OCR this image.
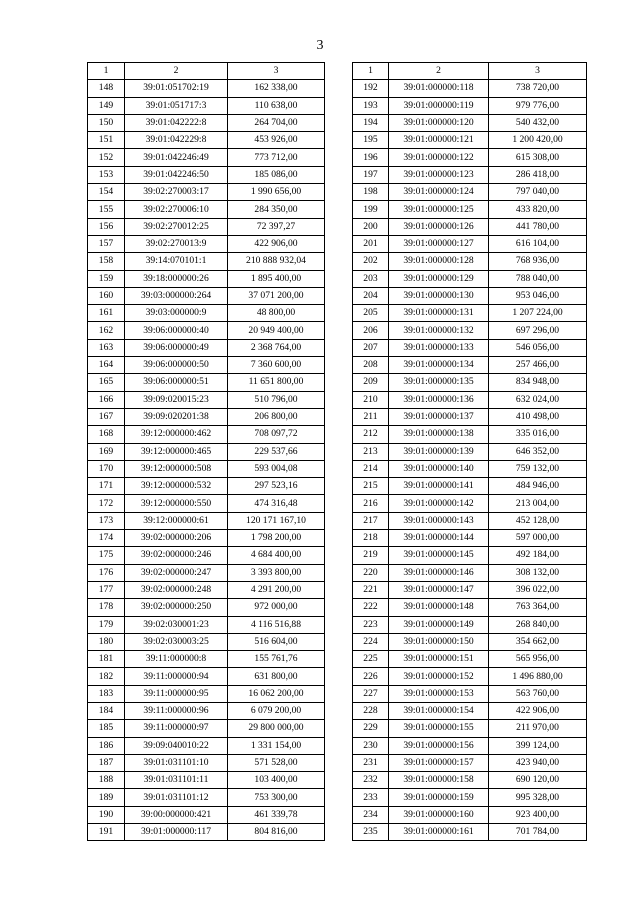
3
1	2	3
148	39:01:051702:19	162 338,00
149	39:01:051717:3	110 638,00
150	39:01:042222:8	264 704,00
151	39:01:042229:8	453 926,00
152	39:01:042246:49	773 712,00
153	39:01:042246:50	185 086,00
154	39:02:270003:17	1 990 656,00
155	39:02:270006:10	284 350,00
156	39:02:270012:25	72 397,27
157	39:02:270013:9	422 906,00
158	39:14:070101:1	210 888 932,04
159	39:18:000000:26	1 895 400,00
160	39:03:000000:264	37 071 200,00
161	39:03:000000:9	48 800,00
162	39:06:000000:40	20 949 400,00
163	39:06:000000:49	2 368 764,00
164	39:06:000000:50	7 360 600,00
165	39:06:000000:51	11 651 800,00
166	39:09:020015:23	510 796,00
167	39:09:020201:38	206 800,00
168	39:12:000000:462	708 097,72
169	39:12:000000:465	229 537,66
170	39:12:000000:508	593 004,08
171	39:12:000000:532	297 523,16
172	39:12:000000:550	474 316,48
173	39:12:000000:61	120 171 167,10
174	39:02:000000:206	1 798 200,00
175	39:02:000000:246	4 684 400,00
176	39:02:000000:247	3 393 800,00
177	39:02:000000:248	4 291 200,00
178	39:02:000000:250	972 000,00
179	39:02:030001:23	4 116 516,88
180	39:02:030003:25	516 604,00
181	39:11:000000:8	155 761,76
182	39:11:000000:94	631 800,00
183	39:11:000000:95	16 062 200,00
184	39:11:000000:96	6 079 200,00
185	39:11:000000:97	29 800 000,00
186	39:09:040010:22	1 331 154,00
187	39:01:031101:10	571 528,00
188	39:01:031101:11	103 400,00
189	39:01:031101:12	753 300,00
190	39:00:000000:421	461 339,78
191	39:01:000000:117	804 816,00
1	2	3
192	39:01:000000:118	738 720,00
193	39:01:000000:119	979 776,00
194	39:01:000000:120	540 432,00
195	39:01:000000:121	1 200 420,00
196	39:01:000000:122	615 308,00
197	39:01:000000:123	286 418,00
198	39:01:000000:124	797 040,00
199	39:01:000000:125	433 820,00
200	39:01:000000:126	441 780,00
201	39:01:000000:127	616 104,00
202	39:01:000000:128	768 936,00
203	39:01:000000:129	788 040,00
204	39:01:000000:130	953 046,00
205	39:01:000000:131	1 207 224,00
206	39:01:000000:132	697 296,00
207	39:01:000000:133	546 056,00
208	39:01:000000:134	257 466,00
209	39:01:000000:135	834 948,00
210	39:01:000000:136	632 024,00
211	39:01:000000:137	410 498,00
212	39:01:000000:138	335 016,00
213	39:01:000000:139	646 352,00
214	39:01:000000:140	759 132,00
215	39:01:000000:141	484 946,00
216	39:01:000000:142	213 004,00
217	39:01:000000:143	452 128,00
218	39:01:000000:144	597 000,00
219	39:01:000000:145	492 184,00
220	39:01:000000:146	308 132,00
221	39:01:000000:147	396 022,00
222	39:01:000000:148	763 364,00
223	39:01:000000:149	268 840,00
224	39:01:000000:150	354 662,00
225	39:01:000000:151	565 956,00
226	39:01:000000:152	1 496 880,00
227	39:01:000000:153	563 760,00
228	39:01:000000:154	422 906,00
229	39:01:000000:155	211 970,00
230	39:01:000000:156	399 124,00
231	39:01:000000:157	423 940,00
232	39:01:000000:158	690 120,00
233	39:01:000000:159	995 328,00
234	39:01:000000:160	923 400,00
235	39:01:000000:161	701 784,00
